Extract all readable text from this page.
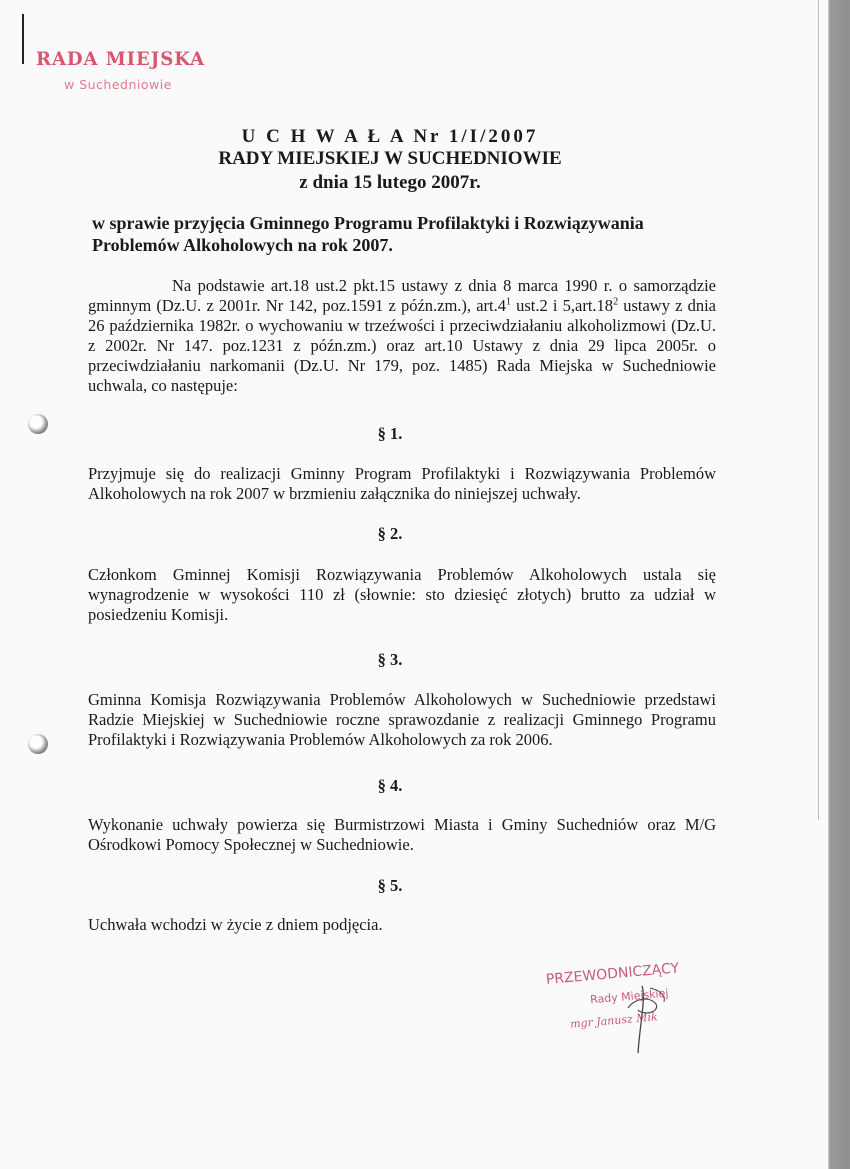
RADA MIEJSKA

w Suchedniowie

U C H W A Ł A Nr 1/I/2007

RADY MIEJSKIEJ W SUCHEDNIOWIE

z dnia 15 lutego 2007r.

w sprawie przyjęcia Gminnego Programu Profilaktyki i Rozwiązywania Problemów Alkoholowych na rok 2007.

Na podstawie art.18 ust.2 pkt.15 ustawy z dnia 8 marca 1990 r. o samorządzie gminnym (Dz.U. z 2001r. Nr 142, poz.1591 z późn.zm.), $art.4^1$ ust.2 i $5,art.18^2$ ustawy z dnia 26 października 1982r. o wychowaniu w trzeźwości i przeciwdziałaniu alkoholizmowi (Dz.U. z 2002r. Nr 147. poz.1231 z późn.zm.) oraz art.10 Ustawy z dnia 29 lipca 2005r. o przeciwdziałaniu narkomanii (Dz.U. Nr 179, poz. 1485) Rada Miejska w Suchedniowie uchwala, co następuje:

§ 1.

Przyjmuje się do realizacji Gminny Program Profilaktyki i Rozwiązywania Problemów Alkoholowych na rok 2007 w brzmieniu załącznika do niniejszej uchwały.

§ 2.

Członkom Gminnej Komisji Rozwiązywania Problemów Alkoholowych ustala się wynagrodzenie w wysokości 110 zł (słownie: sto dziesięć złotych) brutto za udział w posiedzeniu Komisji.

§ 3.

Gminna Komisja Rozwiązywania Problemów Alkoholowych w Suchedniowie przedstawi Radzie Miejskiej w Suchedniowie roczne sprawozdanie z realizacji Gminnego Programu Profilaktyki i Rozwiązywania Problemów Alkoholowych za rok 2006.

§ 4.

Wykonanie uchwały powierza się Burmistrzowi Miasta i Gminy Suchedniów oraz M/G Ośrodkowi Pomocy Społecznej w Suchedniowie.

§ 5.

Uchwała wchodzi w życie z dniem podjęcia.

PRZEWODNICZĄCY

Rady Miejskiej

mgr Janusz Mik
